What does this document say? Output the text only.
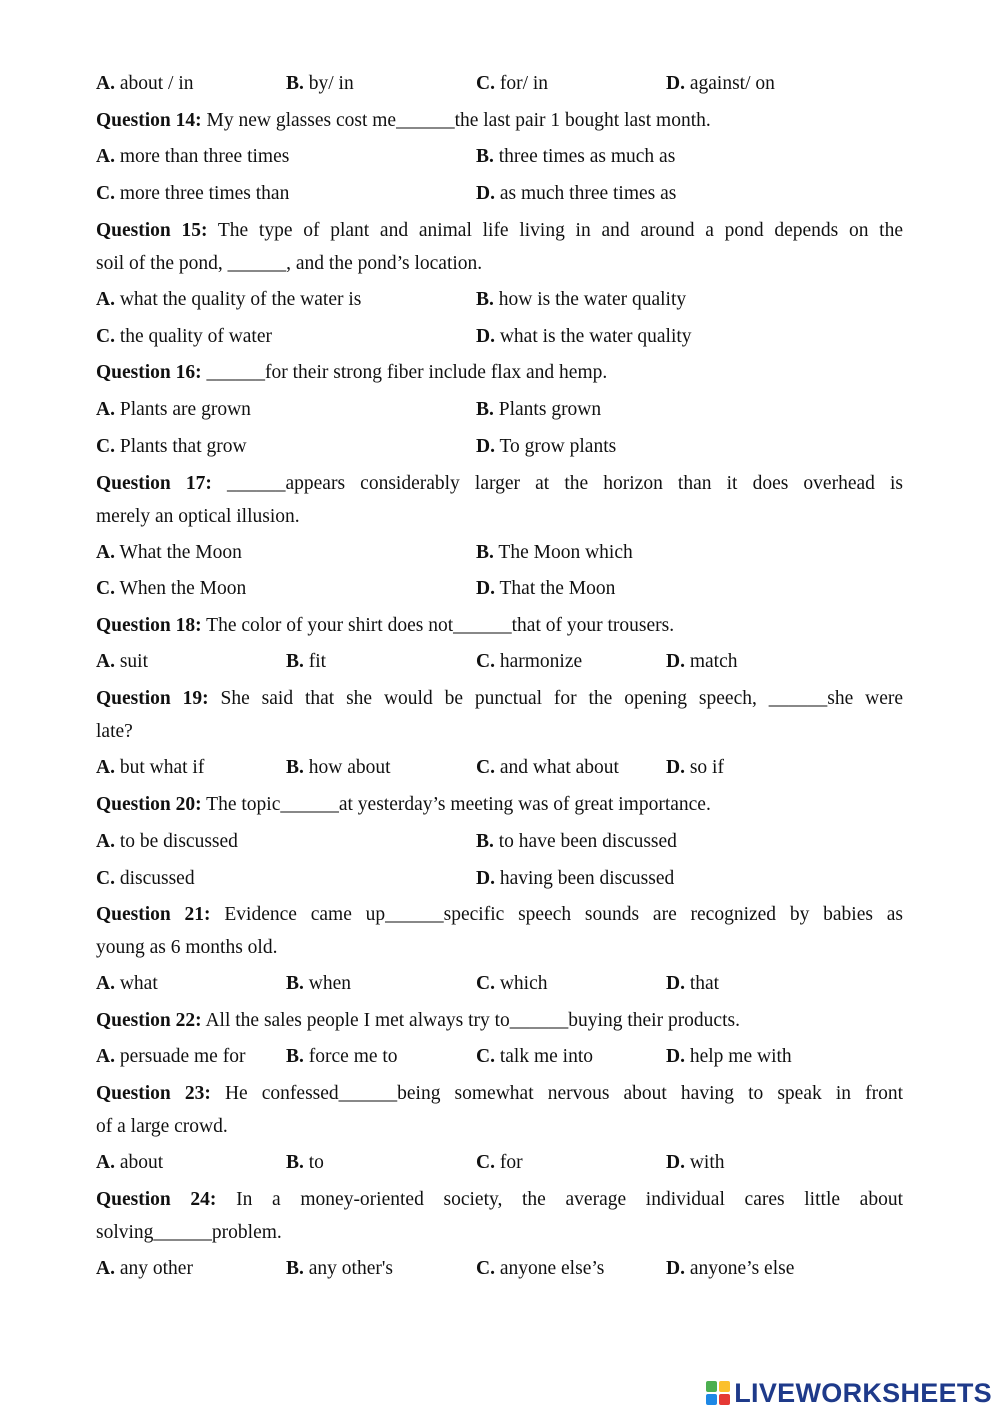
A. about / in	B. by/ in	C. for/ in	D. against/ on
Question 14: My new glasses cost me______the last pair 1 bought last month.
A. more than three times	B. three times as much as
C. more three times than	D. as much three times as
Question 15: The type of plant and animal life living in and around a pond depends on the
soil of the pond, ______, and the pond’s location.
A. what the quality of the water is	B. how is the water quality
C. the quality of water	D. what is the water quality
Question 16: ______for their strong fiber include flax and hemp.
A. Plants are grown	B. Plants grown
C. Plants that grow	D. To grow plants
Question 17: ______appears considerably larger at the horizon than it does overhead is
merely an optical illusion.
A. What the Moon	B. The Moon which
C. When the Moon	D. That the Moon
Question 18: The color of your shirt does not______that of your trousers.
A. suit	B. fit	C. harmonize	D. match
Question 19: She said that she would be punctual for the opening speech, ______she were
late?
A. but what if	B. how about	C. and what about D. so if
Question 20: The topic______at yesterday’s meeting was of great importance.
A. to be discussed	B. to have been discussed
C. discussed	D. having been discussed
Question 21: Evidence came up______specific speech sounds are recognized by babies as
young as 6 months old.
A. what	B. when	C. which	D. that
Question 22: All the sales people I met always try to______buying their products.
A. persuade me for B. force me to	C. talk me into	D. help me with
Question 23: He confessed______being somewhat nervous about having to speak in front
of a large crowd.
A. about	B. to	C. for	D. with
Question 24: In a money-oriented society, the average individual cares little about
solving______problem.
A. any other	B. any other's	C. anyone else’s	D. anyone’s else
LIVEWORKSHEETS
